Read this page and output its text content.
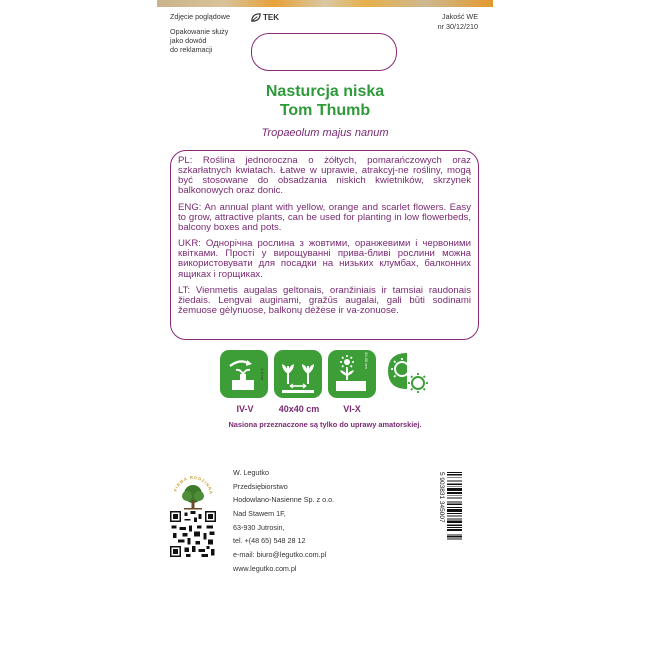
Zdjęcie poglądowe	TEK
Opakowanie służy
jako dowód
do reklamacji
Jakość WE
nr 30/12/210
Nasturcja niska
Tom Thumb
Tropaeolum majus nanum

PL: Roślina jednoroczna o żółtych, pomarańczowych oraz szkarłatnych kwiatach. Łatwe w uprawie, atrakcyj-ne rośliny, mogą być stosowane do obsadzania niskich kwietników, skrzynek balkonowych oraz donic.

ENG: An annual plant with yellow, orange and scarlet flowers. Easy to grow, attractive plants, can be used for planting in low flowerbeds, balcony boxes and pots.

UKR: Однорічна рослина з жовтими, оранжевими і червоними квітками. Прості у вирощуванні прива-бливі рослини можна використовувати для посадки на низьких клумбах, балконних ящиках і горщиках.

LT: Vienmetis augalas geltonais, oranžiniais ir tamsiai raudonais žiedais. Lengvai auginami, gražūs augalai, gali būti sodinami žemuose gėlynuose, balkonų dėžėse ir va-zonuose.

1-4 cm
20-30 cm
IV-V	40x40 cm	VI-X
Nasiona przeznaczone są tylko do uprawy amatorskiej.
FIRMA RODZINNA
W. Legutko
Przedsiębiorstwo
Hodowlano-Nasienne Sp. z o.o.
Nad Stawem 1F,
63-930 Jutrosin,
tel. +(48 65) 548 28 12
e-mail: biuro@legutko.com.pl
www.legutko.com.pl
5 903831 345007
